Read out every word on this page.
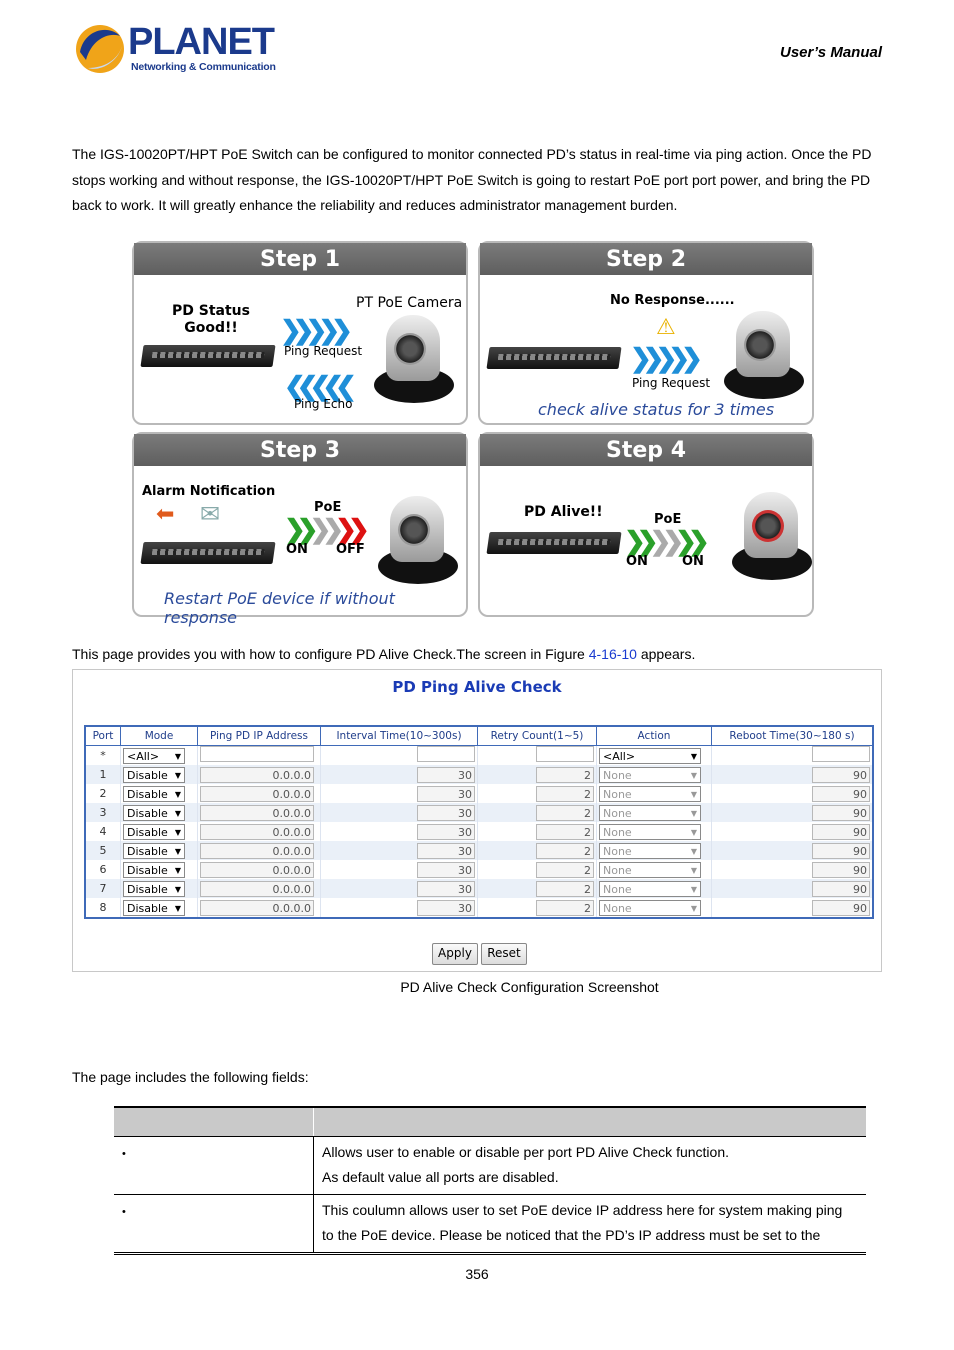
PLANET
Networking & Communication
User’s Manual
The IGS-10020PT/HPT PoE Switch can be configured to monitor connected PD’s status in real-time via ping action. Once the PD stops working and without response, the IGS-10020PT/HPT PoE Switch is going to restart PoE port port power, and bring the PD back to work. It will greatly enhance the reliability and reduces administrator management burden.
Step 1
PD Status
Good!!
PT PoE Camera
❯❯❯❯❯
Ping Request
❮❮❮❮❮
Ping Echo
Step 2
No Response......
⚠
❯❯❯❯❯
Ping Request
check alive status for 3 times
Step 3
Alarm Notification
⬅ ✉	PoE
❯❯❯❯❯❯
ON OFF
Restart PoE device if without response
Step 4
PD Alive!!	PoE
❯❯❯❯❯❯
ON	ON
This page provides you with how to configure PD Alive Check.The screen in Figure 4-16-10 appears.
PD Ping Alive Check
Port	Mode	Ping PD IP Address	Interval Time(10~300s)	Retry Count(1~5)	Action	Reboot Time(30~180 s)
*	<All> ▼				<All> ▼	
1	Disable ▼	0.0.0.0	30	2	None ▼	90
2	Disable ▼	0.0.0.0	30	2	None ▼	90
3	Disable ▼	0.0.0.0	30	2	None ▼	90
4	Disable ▼	0.0.0.0	30	2	None ▼	90
5	Disable ▼	0.0.0.0	30	2	None ▼	90
6	Disable ▼	0.0.0.0	30	2	None ▼	90
7	Disable ▼	0.0.0.0	30	2	None ▼	90
8	Disable ▼	0.0.0.0	30	2	None ▼	90
Apply	Reset
PD Alive Check Configuration Screenshot
The page includes the following fields:

•	Allows user to enable or disable per port PD Alive Check function.
As default value all ports are disabled.

•	This coulumn allows user to set PoE device IP address here for system making ping
to the PoE device. Please be noticed that the PD’s IP address must be set to the
356
